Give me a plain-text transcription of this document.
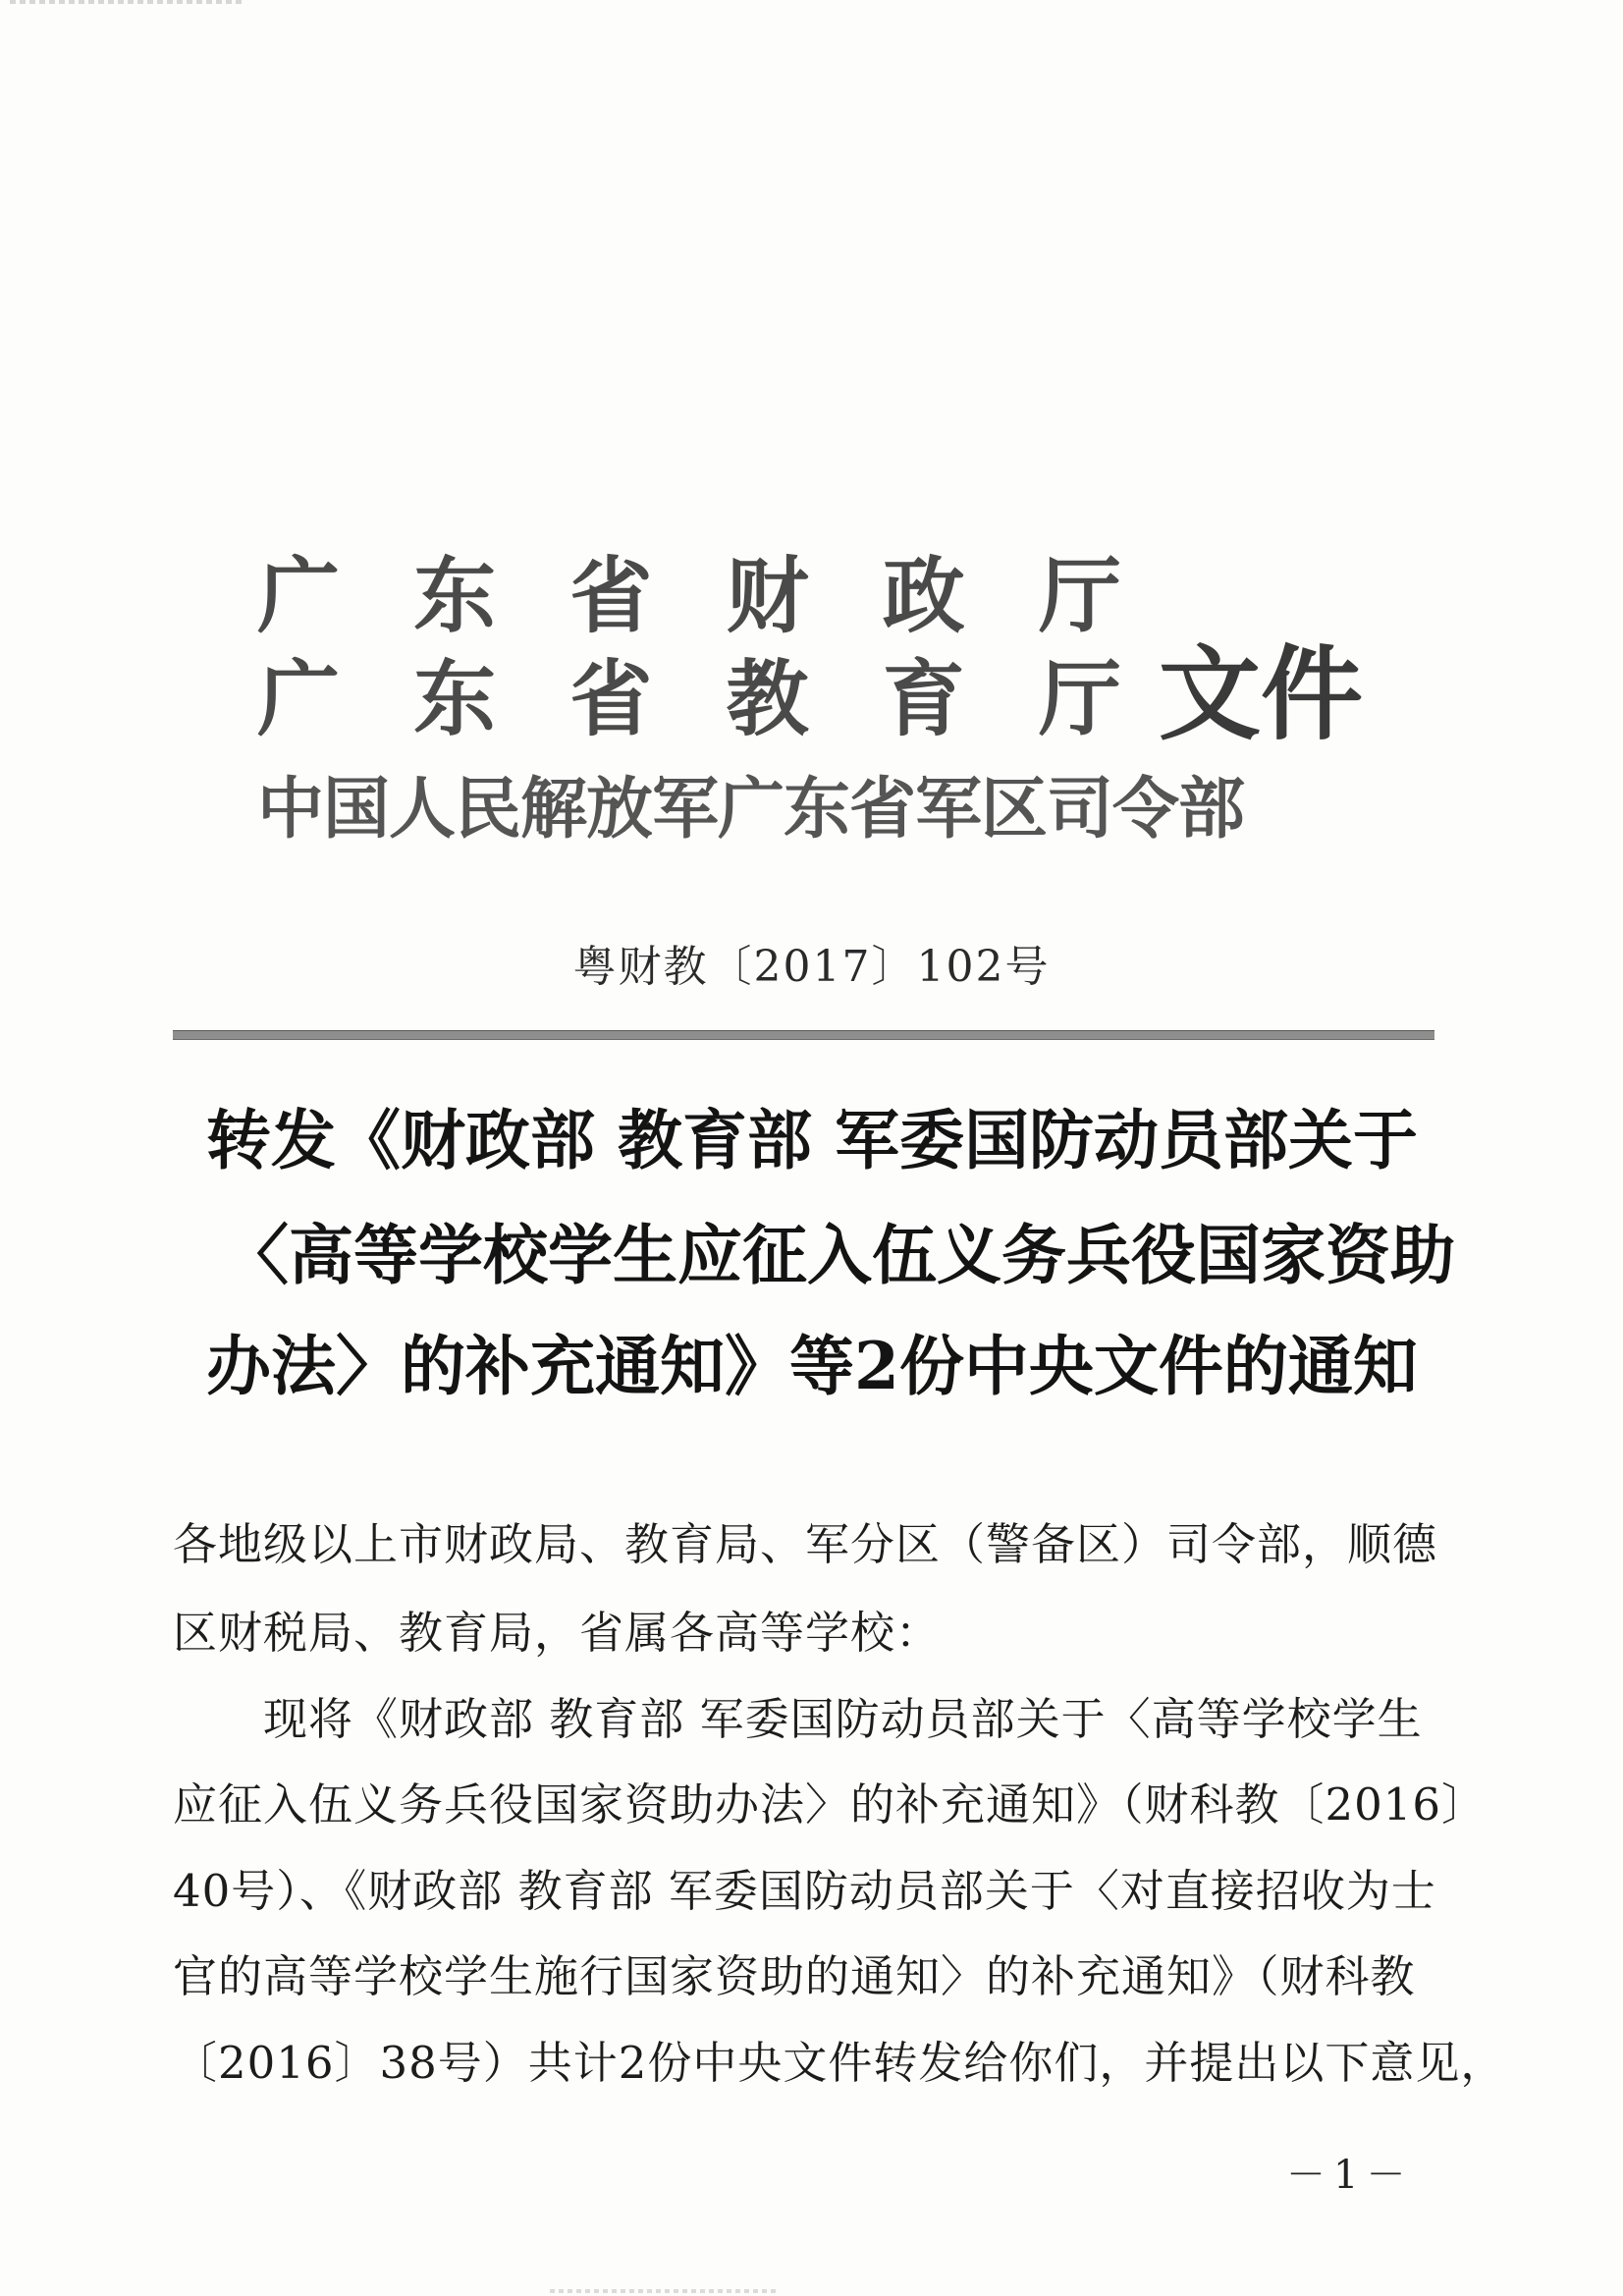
广 东 省 财 政 厅
广 东 省 教 育 厅 文件
中国人民解放军广东省军区司令部
粤财教〔2017〕102号
转发《财政部 教育部 军委国防动员部关于
〈高等学校学生应征入伍义务兵役国家资助
办法〉的补充通知》等2份中央文件的通知
各地级以上市财政局、教育局、军分区（警备区）司令部，顺德
区财税局、教育局，省属各高等学校：
现将《财政部 教育部 军委国防动员部关于〈高等学校学生
应征入伍义务兵役国家资助办法〉的补充通知》（财科教〔2016〕
40号）、《财政部 教育部 军委国防动员部关于〈对直接招收为士
官的高等学校学生施行国家资助的通知〉的补充通知》（财科教
〔2016〕38号）共计2份中央文件转发给你们，并提出以下意见，
－1－
